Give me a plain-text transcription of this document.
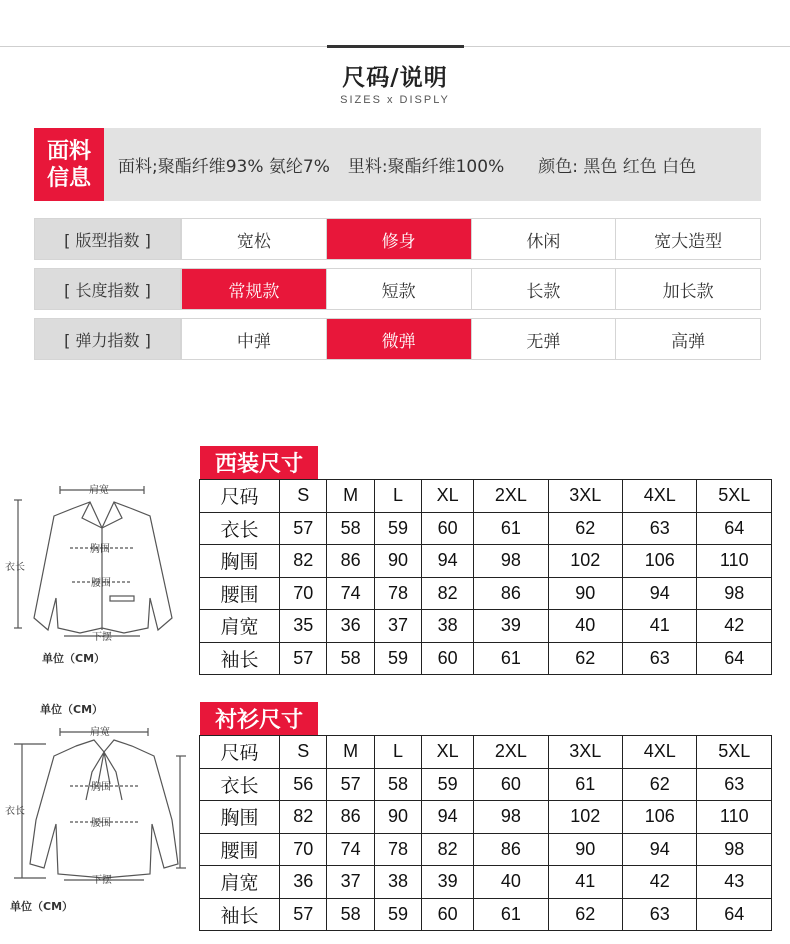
尺码/说明
SIZES x DISPLY
面料
信息	面料;聚酯纤维93% 氨纶7% 里料:聚酯纤维100% 颜色: 黑色 红色 白色
[ 版型指数 ]	宽松	修身	休闲	宽大造型
[ 长度指数 ]	常规款	短款	长款	加长款
[ 弹力指数 ]	中弹	微弹	无弹	高弹
衣长
肩宽
胸围
腰围
下摆
单位（CM）
西装尺寸
尺码	S	M	L	XL	2XL	3XL	4XL	5XL
衣长	57	58	59	60	61	62	63	64
胸围	82	86	90	94	98	102	106	110
腰围	70	74	78	82	86	90	94	98
肩宽	35	36	37	38	39	40	41	42
袖长	57	58	59	60	61	62	63	64
单位（CM）
衣长
肩宽
胸围
腰围
下摆
单位（CM）
衬衫尺寸
尺码	S	M	L	XL	2XL	3XL	4XL	5XL
衣长	56	57	58	59	60	61	62	63
胸围	82	86	90	94	98	102	106	110
腰围	70	74	78	82	86	90	94	98
肩宽	36	37	38	39	40	41	42	43
袖长	57	58	59	60	61	62	63	64
